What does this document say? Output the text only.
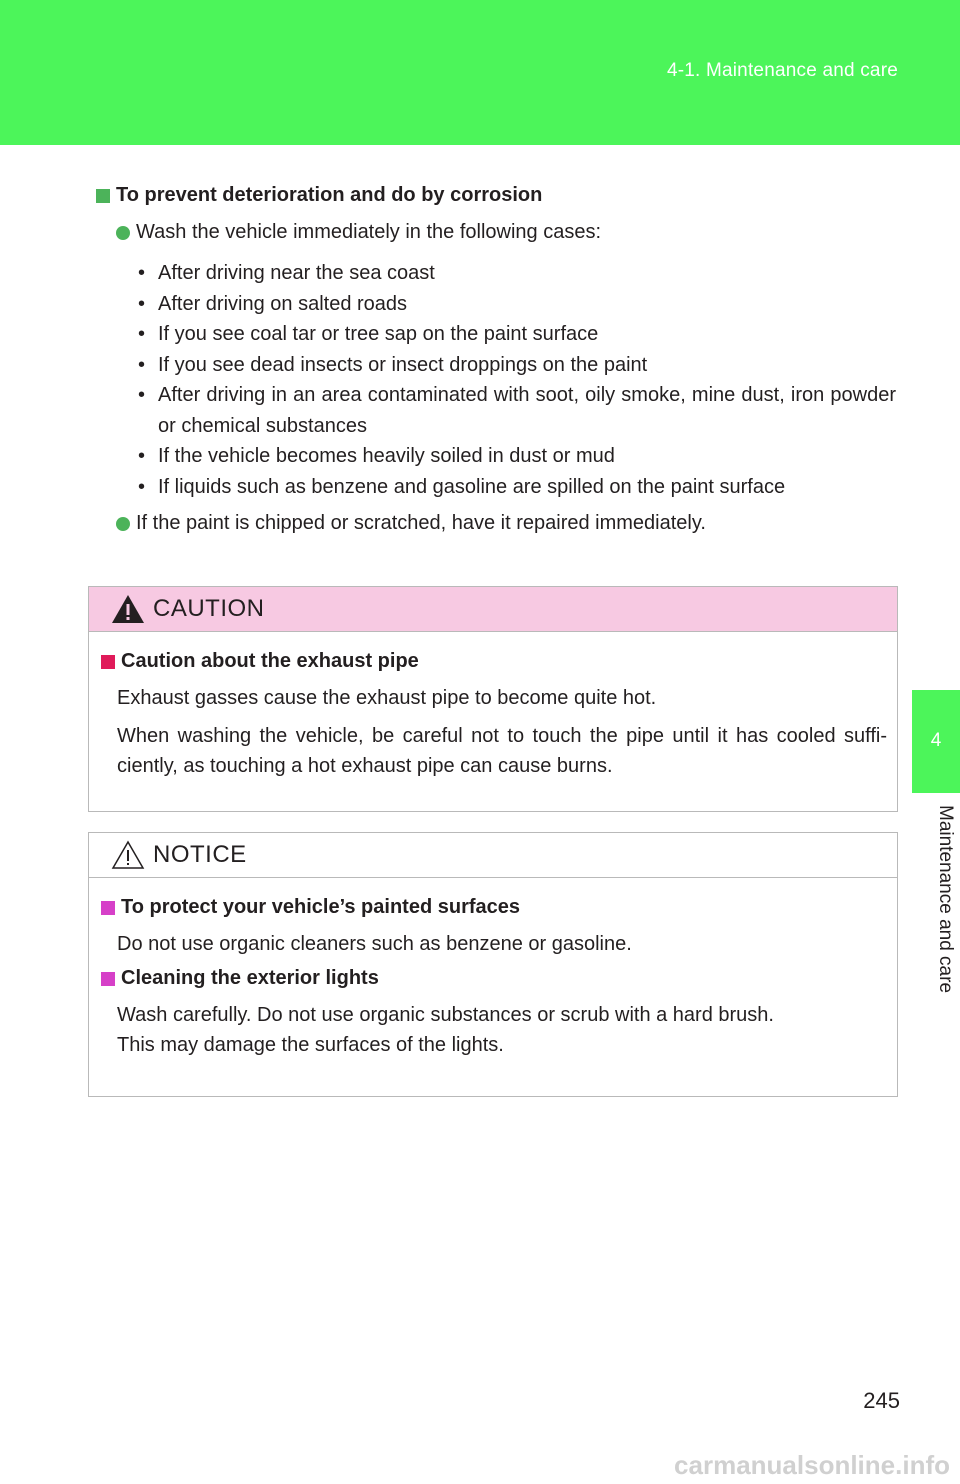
4-1. Maintenance and care
4
Maintenance and care
To prevent deterioration and do by corrosion
Wash the vehicle immediately in the following cases:
• After driving near the sea coast
• After driving on salted roads
• If you see coal tar or tree sap on the paint surface
• If you see dead insects or insect droppings on the paint
• After driving in an area contaminated with soot, oily smoke, mine dust, iron powder or chemical substances
• If the vehicle becomes heavily soiled in dust or mud
• If liquids such as benzene and gasoline are spilled on the paint surface
If the paint is chipped or scratched, have it repaired immediately.
CAUTION
Caution about the exhaust pipe
Exhaust gasses cause the exhaust pipe to become quite hot.
When washing the vehicle, be careful not to touch the pipe until it has cooled suffi-ciently, as touching a hot exhaust pipe can cause burns.
NOTICE
To protect your vehicle’s painted surfaces
Do not use organic cleaners such as benzene or gasoline.
Cleaning the exterior lights
Wash carefully. Do not use organic substances or scrub with a hard brush.
This may damage the surfaces of the lights.
245
carmanualsonline.info
